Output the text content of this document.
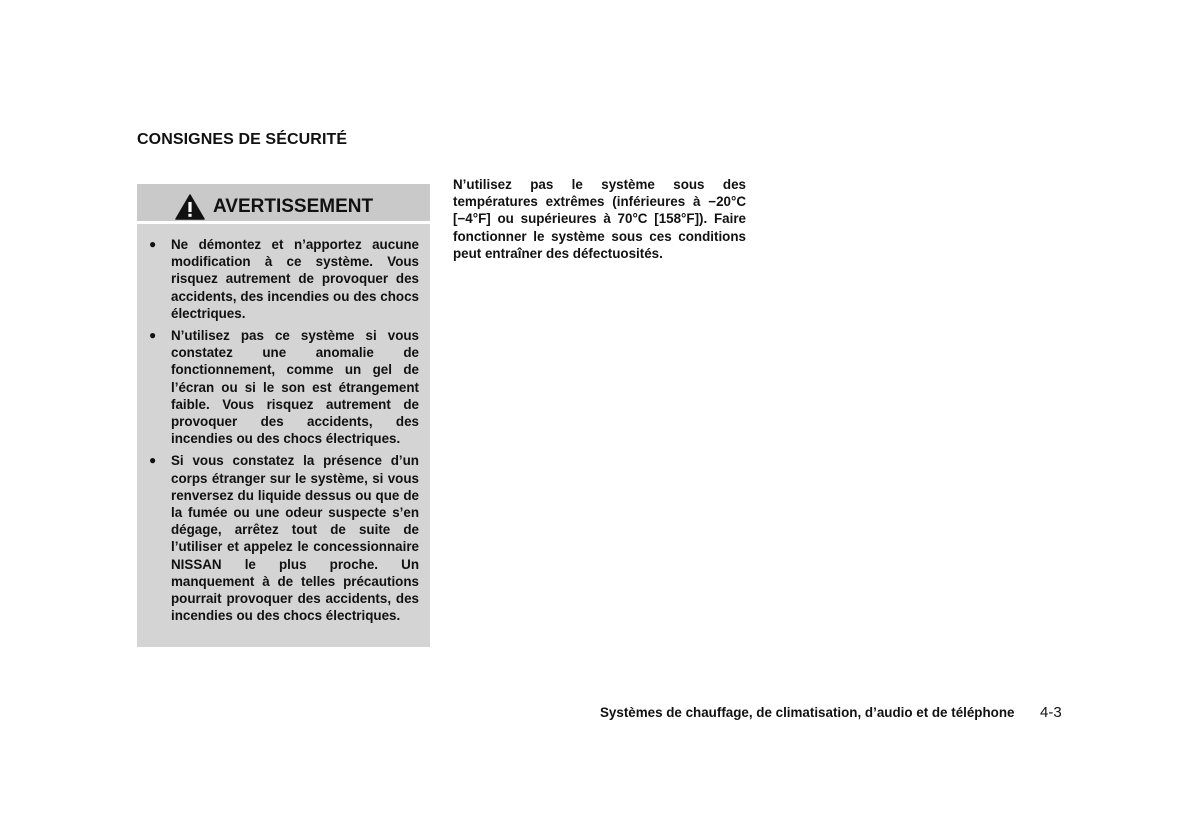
CONSIGNES DE SÉCURITÉ
AVERTISSEMENT
● Ne démontez et n’apportez aucune modification à ce système. Vous risquez autrement de provoquer des accidents, des incendies ou des chocs électriques.
● N’utilisez pas ce système si vous constatez une anomalie de fonctionnement, comme un gel de l’écran ou si le son est étrangement faible. Vous risquez autrement de provoquer des accidents, des incendies ou des chocs électriques.
● Si vous constatez la présence d’un corps étranger sur le système, si vous renversez du liquide dessus ou que de la fumée ou une odeur suspecte s’en dégage, arrêtez tout de suite de l’utiliser et appelez le concessionnaire NISSAN le plus proche. Un manquement à de telles précautions pourrait provoquer des accidents, des incendies ou des chocs électriques.
N’utilisez pas le système sous des températures extrêmes (inférieures à −20°C [−4°F] ou supérieures à 70°C [158°F]). Faire fonctionner le système sous ces conditions peut entraîner des défectuosités.
Systèmes de chauffage, de climatisation, d’audio et de téléphone 4-3
